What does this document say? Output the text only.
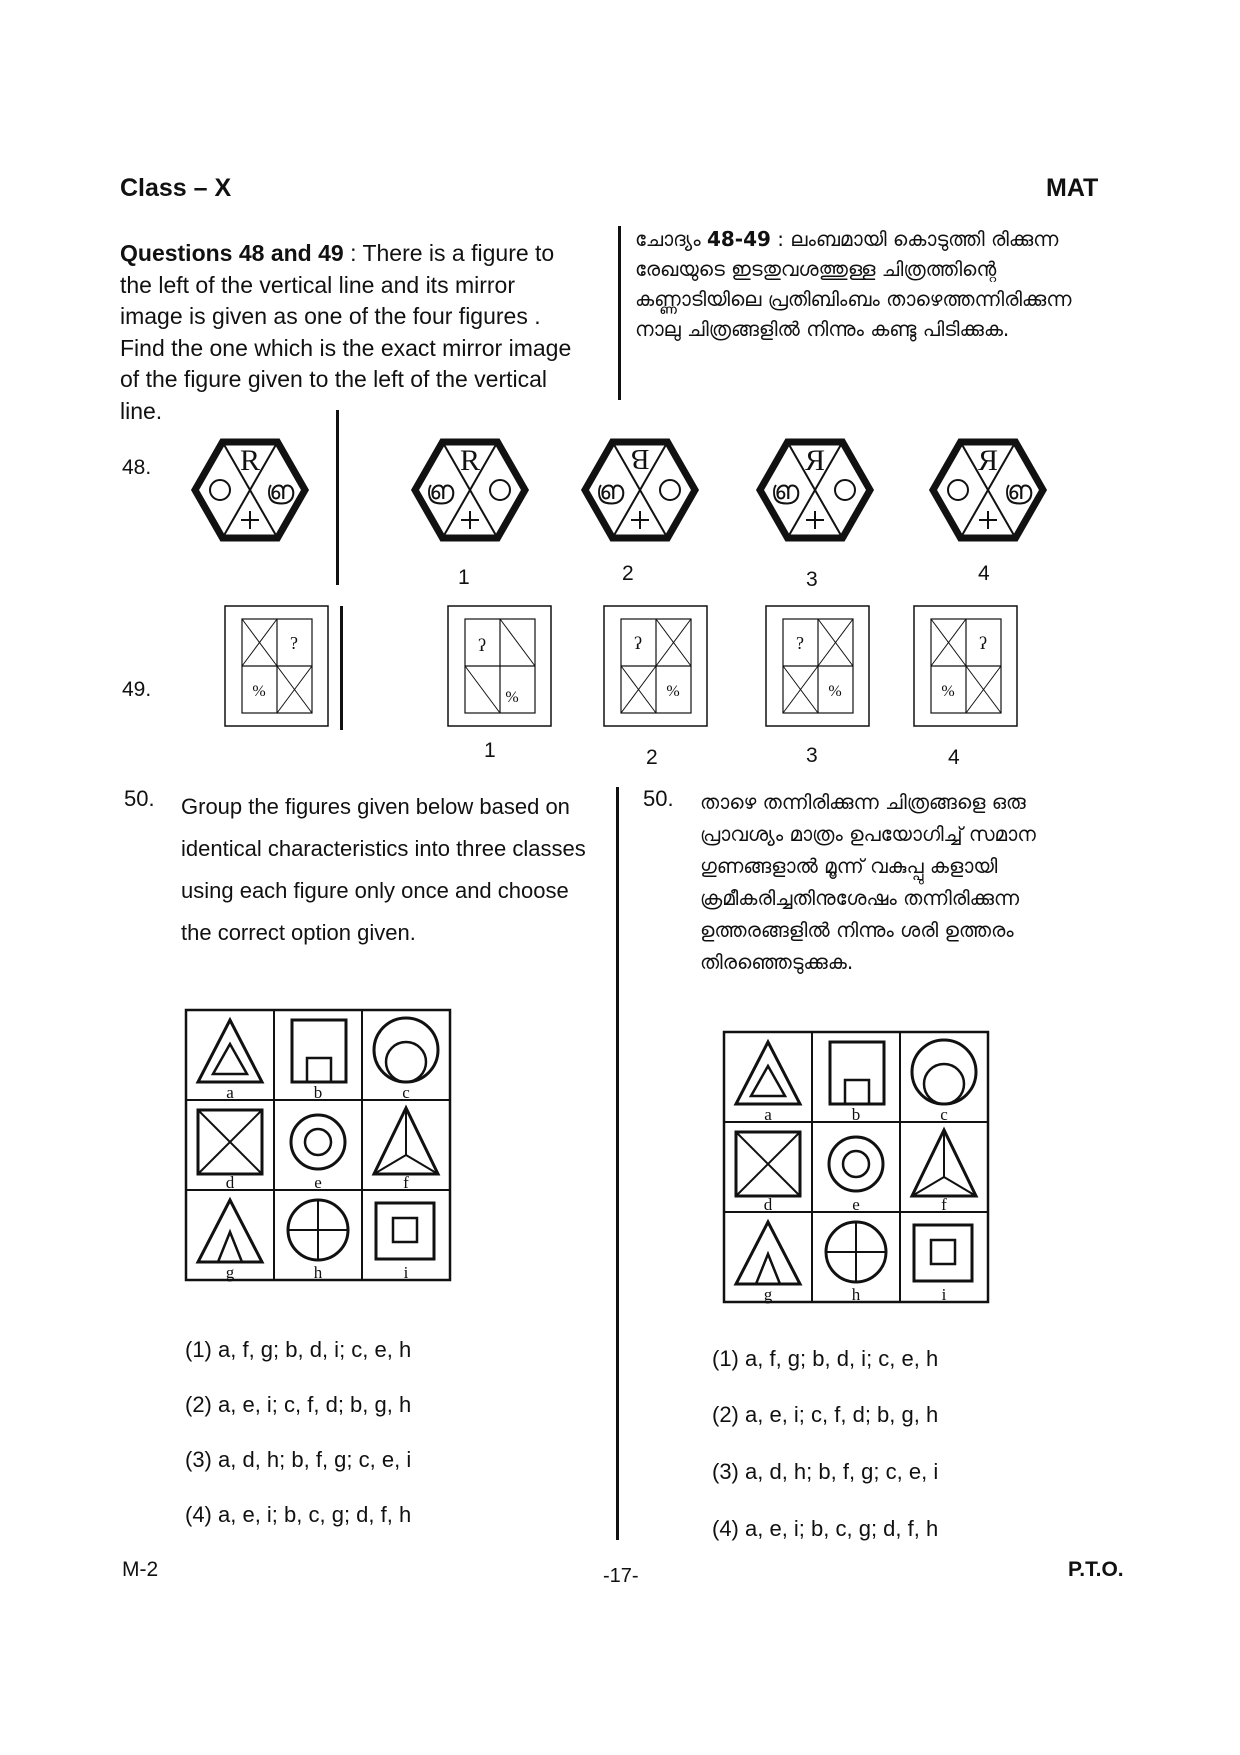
Class – X	MAT
Questions 48 and 49 : There is a figure to the left of the vertical line and its mirror image is given as one of the four figures . Find the one which is the exact mirror image of the figure given to the left of the vertical line.
ചോദ്യം 48-49 : ലംബമായി കൊടുത്തി രിക്കുന്ന രേഖയുടെ ഇടതുവശത്തുള്ള ചിത്രത്തിന്റെ കണ്ണാടിയിലെ പ്രതിബിംബം താഴെത്തന്നിരിക്കുന്ന നാലു ചിത്രങ്ങളിൽ നിന്നും കണ്ടു പിടിക്കുക.
48.	R
൏
R
൏
B
൏
Я
൏
Я
൏
1	2	3	4
49.
?
%
ʔ
%
ʔ
%
?
%
ʔ
%
1	2	3	4
50. Group the figures given below based on identical characteristics into three classes using each figure only once and choose the correct option given.
50. താഴെ തന്നിരിക്കുന്ന ചിത്രങ്ങളെ ഒരു പ്രാവശ്യം മാത്രം ഉപയോഗിച്ച് സമാന ഗുണങ്ങളാൽ മൂന്ന് വകുപ്പു കളായി ക്രമീകരിച്ചതിനുശേഷം തന്നിരിക്കുന്ന ഉത്തരങ്ങളിൽ നിന്നും ശരി ഉത്തരം തിരഞ്ഞെടുക്കുക.
a	b	c
d	e	f
g	h	i
a	b	c
d	e	f
g	h	i
(1) a, f, g; b, d, i; c, e, h
(2) a, e, i; c, f, d; b, g, h
(3) a, d, h; b, f, g; c, e, i
(4) a, e, i; b, c, g; d, f, h
(1) a, f, g; b, d, i; c, e, h
(2) a, e, i; c, f, d; b, g, h
(3) a, d, h; b, f, g; c, e, i
(4) a, e, i; b, c, g; d, f, h
M-2	-17-	P.T.O.
